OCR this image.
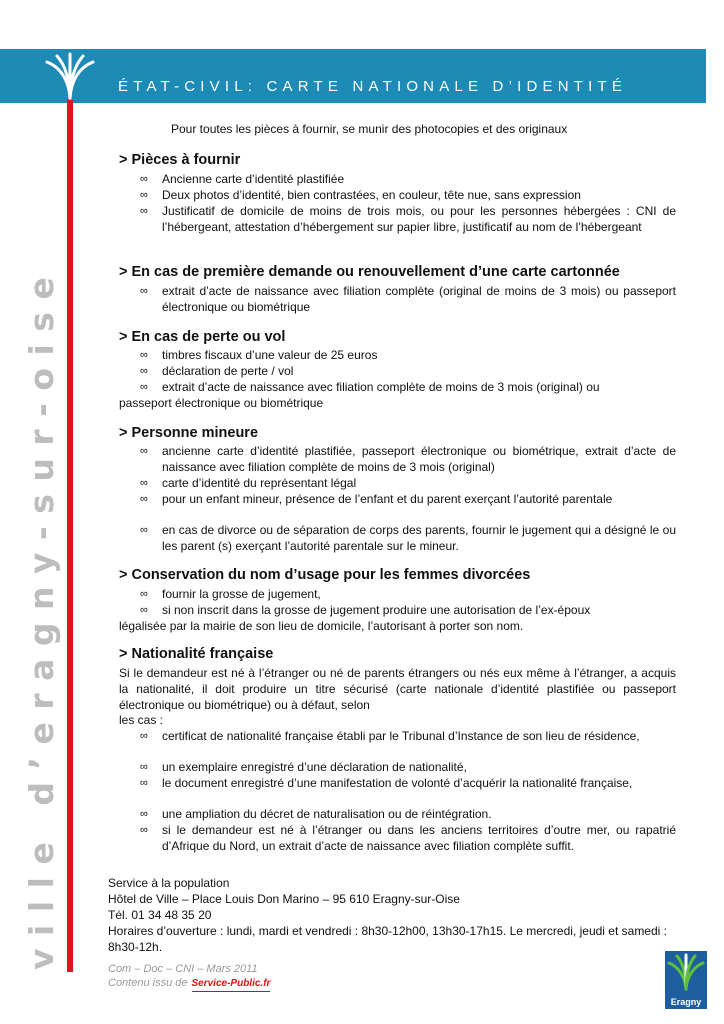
ÉTAT-CIVIL: CARTE NATIONALE D’IDENTITÉ
ville d’eragny-sur-oise
Pour toutes les pièces à fournir, se munir des photocopies et des originaux
> Pièces à fournir
∞ Ancienne carte d’identité plastifiée
∞ Deux photos d’identité, bien contrastées, en couleur, tête nue, sans expression
∞ Justificatif de domicile de moins de trois mois, ou pour les personnes hébergées : CNI de l’hébergeant, attestation d’hébergement sur papier libre, justificatif au nom de l’hébergeant
> En cas de première demande ou renouvellement d’une carte cartonnée
∞ extrait d’acte de naissance avec filiation complète (original de moins de 3 mois) ou passeport électronique ou biométrique
> En cas de perte ou vol
∞ timbres fiscaux d’une valeur de 25 euros
∞ déclaration de perte / vol
∞ extrait d’acte de naissance avec filiation complète de moins de 3 mois (original) ou
passeport électronique ou biométrique
> Personne mineure
∞ ancienne carte d’identité plastifiée, passeport électronique ou biométrique, extrait d’acte de naissance avec filiation complète de moins de 3 mois (original)
∞ carte d’identité du représentant légal
∞ pour un enfant mineur, présence de l’enfant et du parent exerçant l’autorité parentale
∞ en cas de divorce ou de séparation de corps des parents, fournir le jugement qui a désigné le ou les parent (s) exerçant l’autorité parentale sur le mineur.
> Conservation du nom d’usage pour les femmes divorcées
∞ fournir la grosse de jugement,
∞ si non inscrit dans la grosse de jugement produire une autorisation de l’ex-époux
légalisée par la mairie de son lieu de domicile, l’autorisant à porter son nom.
> Nationalité française
Si le demandeur est né à l’étranger ou né de parents étrangers ou nés eux même à l’étranger, a acquis la nationalité, il doit produire un titre sécurisé (carte nationale d’identité plastifiée ou passeport électronique ou biométrique) ou à défaut, selon
les cas :
∞ certificat de nationalité française établi par le Tribunal d’Instance de son lieu de résidence,
∞ un exemplaire enregistré d’une déclaration de nationalité,
∞ le document enregistré d’une manifestation de volonté d’acquérir la nationalité française,
∞ une ampliation du décret de naturalisation ou de réintégration.
∞ si le demandeur est né à l’étranger ou dans les anciens territoires d’outre mer, ou rapatrié d’Afrique du Nord, un extrait d’acte de naissance avec filiation complète suffit.
Service à la population
Hôtel de Ville – Place Louis Don Marino – 95 610 Eragny-sur-Oise
Tél. 01 34 48 35 20
Horaires d’ouverture : lundi, mardi et vendredi : 8h30-12h00, 13h30-17h15. Le mercredi, jeudi et samedi : 8h30-12h.
Com – Doc – CNI – Mars 2011
Contenu issu de Service-Public.fr
Eragny
